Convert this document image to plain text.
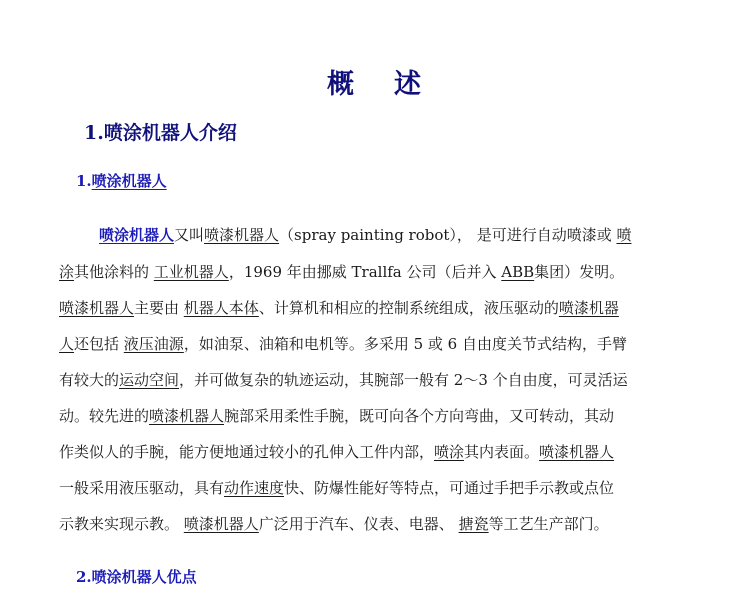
概 述
1.喷涂机器人介绍
1.喷涂机器人
喷涂机器人又叫喷漆机器人（spray painting robot）， 是可进行自动喷漆或 喷
涂其他涂料的 工业机器人，1969 年由挪威 Trallfa 公司（后并入 ABB集团）发明。
喷漆机器人主要由 机器人本体、计算机和相应的控制系统组成，液压驱动的喷漆机器
人还包括 液压油源，如油泵、油箱和电机等。多采用 5 或 6 自由度关节式结构，手臂
有较大的运动空间，并可做复杂的轨迹运动，其腕部一般有 2～3 个自由度，可灵活运
动。较先进的喷漆机器人腕部采用柔性手腕，既可向各个方向弯曲，又可转动，其动
作类似人的手腕，能方便地通过较小的孔伸入工件内部，喷涂其内表面。喷漆机器人
一般采用液压驱动，具有动作速度快、防爆性能好等特点，可通过手把手示教或点位
示教来实现示教。 喷漆机器人广泛用于汽车、仪表、电器、 搪瓷等工艺生产部门。
2.喷涂机器人优点
